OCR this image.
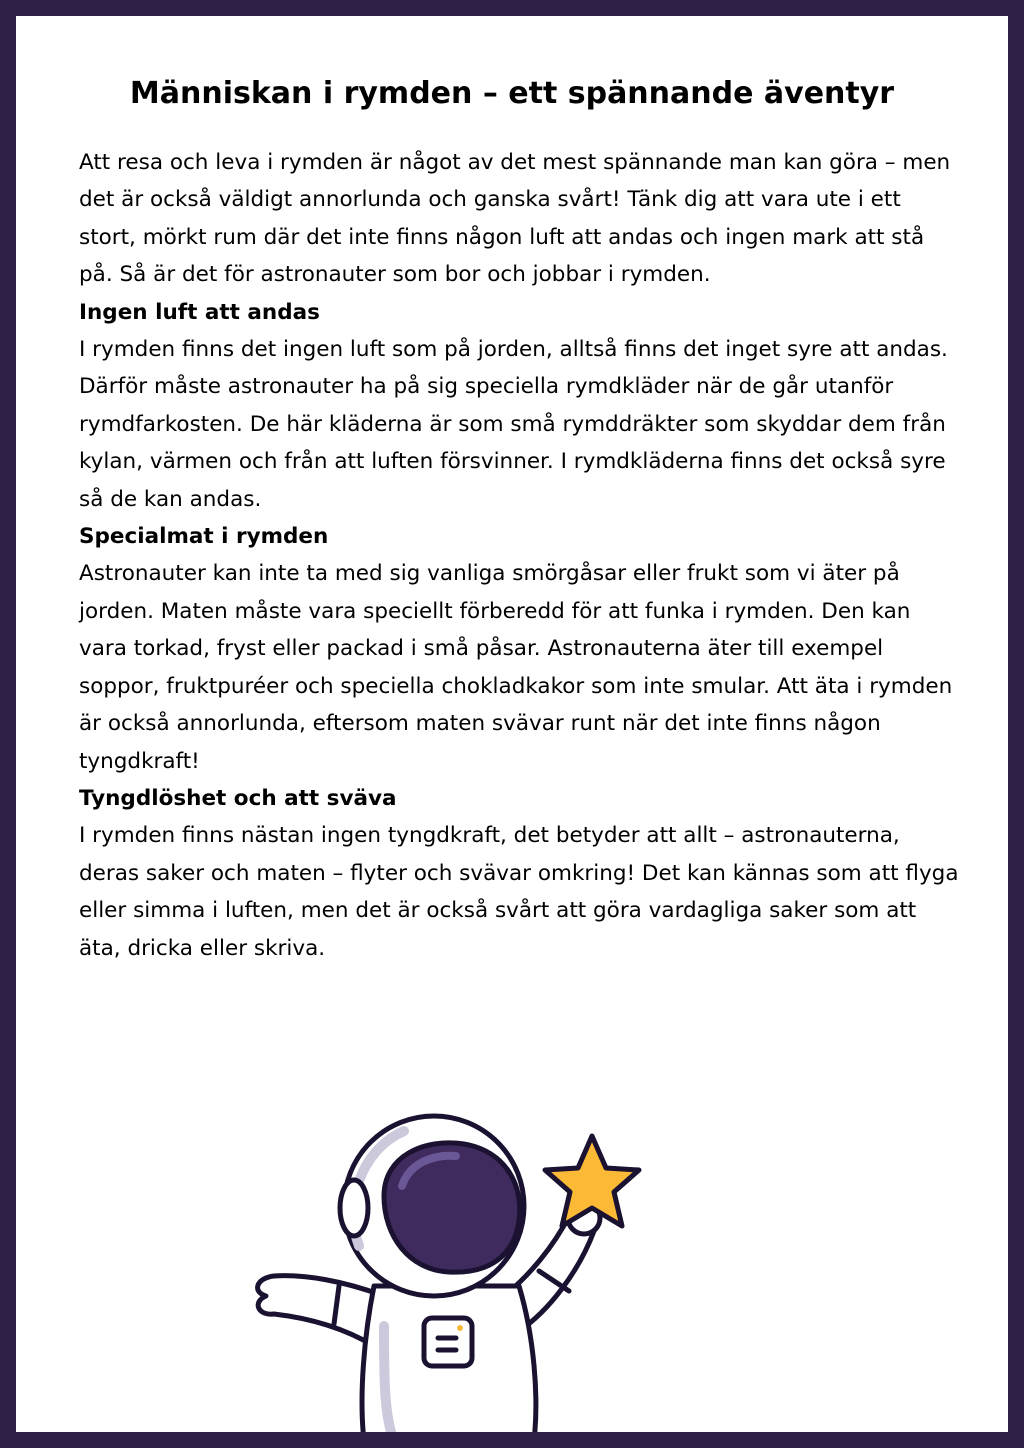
Människan i rymden – ett spännande äventyr

Att resa och leva i rymden är något av det mest spännande man kan göra – men det är också väldigt annorlunda och ganska svårt! Tänk dig att vara ute i ett stort, mörkt rum där det inte finns någon luft att andas och ingen mark att stå på. Så är det för astronauter som bor och jobbar i rymden.

Ingen luft att andas

I rymden finns det ingen luft som på jorden, alltså finns det inget syre att andas. Därför måste astronauter ha på sig speciella rymdkläder när de går utanför rymdfarkosten. De här kläderna är som små rymddräkter som skyddar dem från kylan, värmen och från att luften försvinner. I rymdkläderna finns det också syre så de kan andas.

Specialmat i rymden

Astronauter kan inte ta med sig vanliga smörgåsar eller frukt som vi äter på jorden. Maten måste vara speciellt förberedd för att funka i rymden. Den kan vara torkad, fryst eller packad i små påsar. Astronauterna äter till exempel soppor, fruktpuréer och speciella chokladkakor som inte smular. Att äta i rymden är också annorlunda, eftersom maten svävar runt när det inte finns någon tyngdkraft!

Tyngdlöshet och att sväva

I rymden finns nästan ingen tyngdkraft, det betyder att allt – astronauterna, deras saker och maten – flyter och svävar omkring! Det kan kännas som att flyga eller simma i luften, men det är också svårt att göra vardagliga saker som att äta, dricka eller skriva.
